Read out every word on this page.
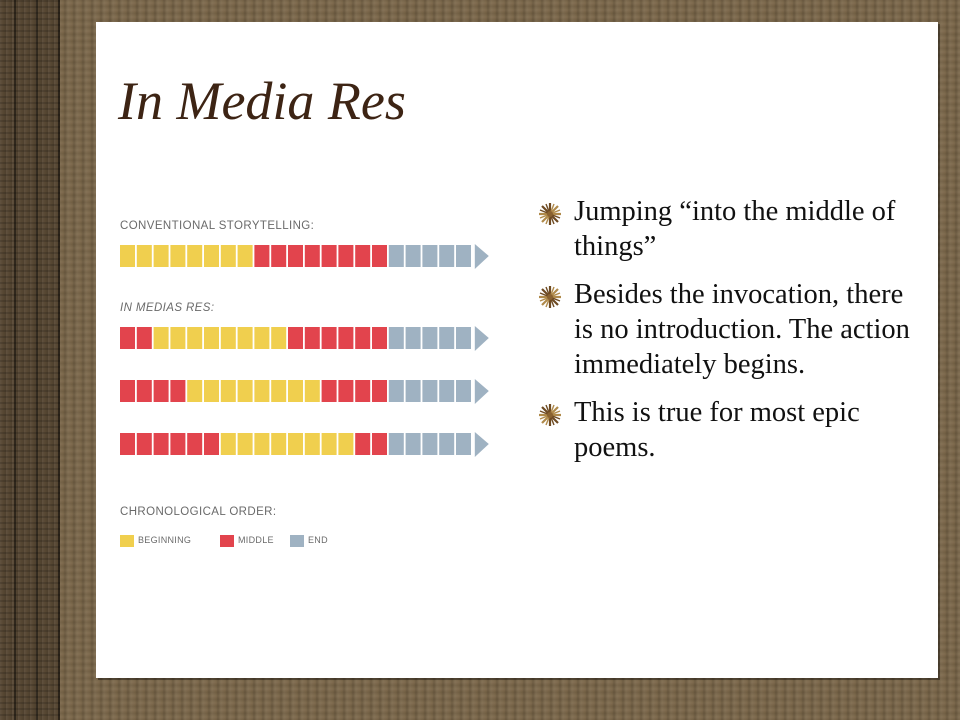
In Media Res

CONVENTIONAL STORYTELLING:

IN MEDIAS RES:

CHRONOLOGICAL ORDER:

BEGINNING	MIDDLE	END
Jumping “into the middle of things”
Besides the invocation, there is no introduction. The action immediately begins.
This is true for most epic poems.
